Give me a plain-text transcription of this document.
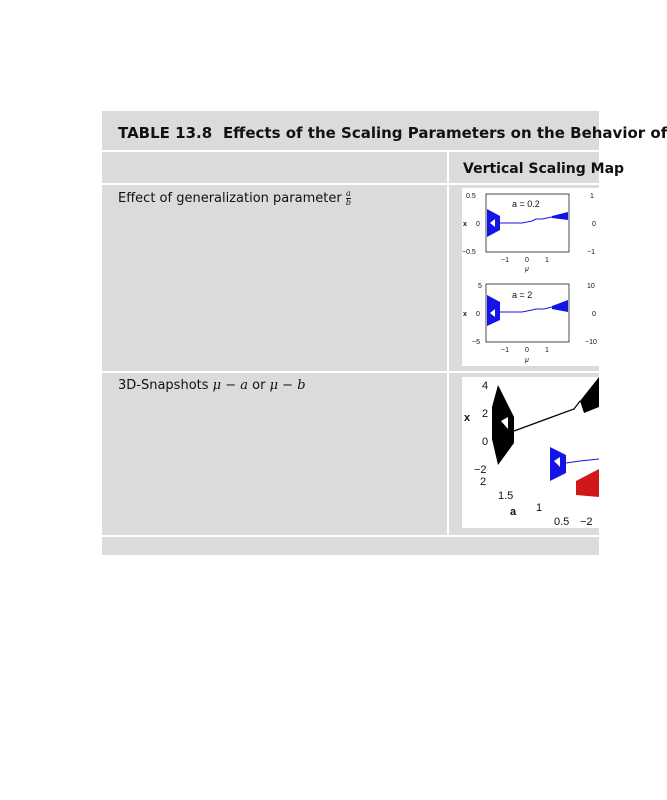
TABLE 13.8 Effects of the Scaling Parameters on the Behavior of
Vertical Scaling Map
Effect of generalization parameter $\frac{a}{b}$
3D-Snapshots μ − a or μ − b
a = 0.2
0.5
0
−0.5
x
−1 0 1
μ
1
0
−1
a = 2
5
0
−5
x
−1 0 1
μ
10
0
−10
4
2
0
−2
x
2
1.5
1
0.5
a
−2
